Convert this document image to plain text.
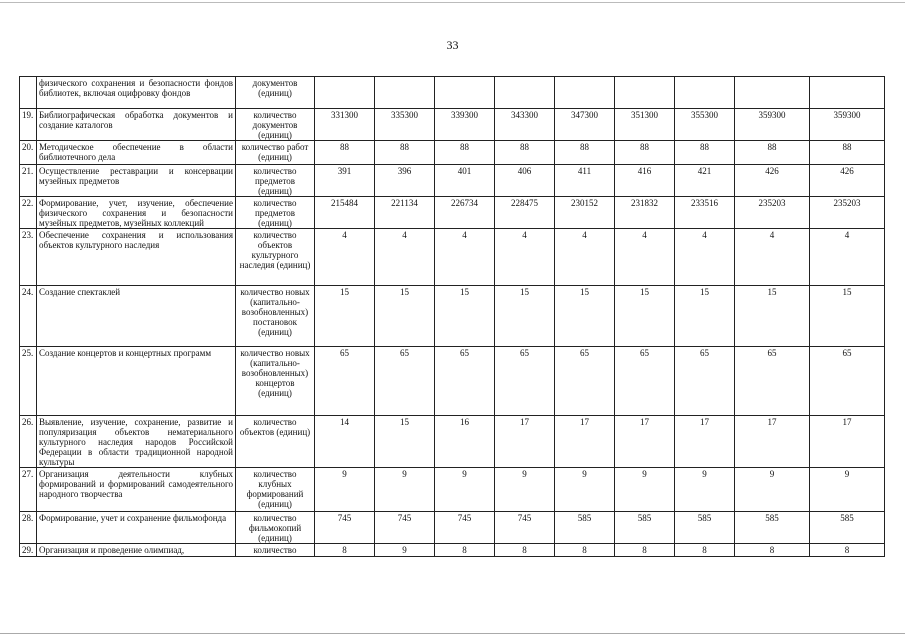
33
	физического сохранения и безопасности фондов библиотек, включая оцифровку фондов	документов (единиц)									
19.	Библиографическая обработка документов и создание каталогов	количество документов (единиц)	331300	335300	339300	343300	347300	351300	355300	359300	359300
20.	Методическое обеспечение в области библиотечного дела	количество работ (единиц)	88	88	88	88	88	88	88	88	88
21.	Осуществление реставрации и консервации музейных предметов	количество предметов (единиц)	391	396	401	406	411	416	421	426	426
22.	Формирование, учет, изучение, обеспечение физического сохранения и безопасности музейных предметов, музейных коллекций	количество предметов (единиц)	215484	221134	226734	228475	230152	231832	233516	235203	235203
23.	Обеспечение сохранения и использования объектов культурного наследия	количество объектов культурного наследия (единиц)	4	4	4	4	4	4	4	4	4
24.	Создание спектаклей	количество новых (капитально-возобновленных) постановок (единиц)	15	15	15	15	15	15	15	15	15
25.	Создание концертов и концертных программ	количество новых (капитально-возобновленных) концертов (единиц)	65	65	65	65	65	65	65	65	65
26.	Выявление, изучение, сохранение, развитие и популяризация объектов нематериального культурного наследия народов Российской Федерации в области традиционной народной культуры	количество объектов (единиц)	14	15	16	17	17	17	17	17	17
27.	Организация деятельности клубных формирований и формирований самодеятельного народного творчества	количество клубных формирований (единиц)	9	9	9	9	9	9	9	9	9
28.	Формирование, учет и сохранение фильмофонда	количество фильмокопий (единиц)	745	745	745	745	585	585	585	585	585
29.	Организация и проведение олимпиад,	количество	8	9	8	8	8	8	8	8	8
